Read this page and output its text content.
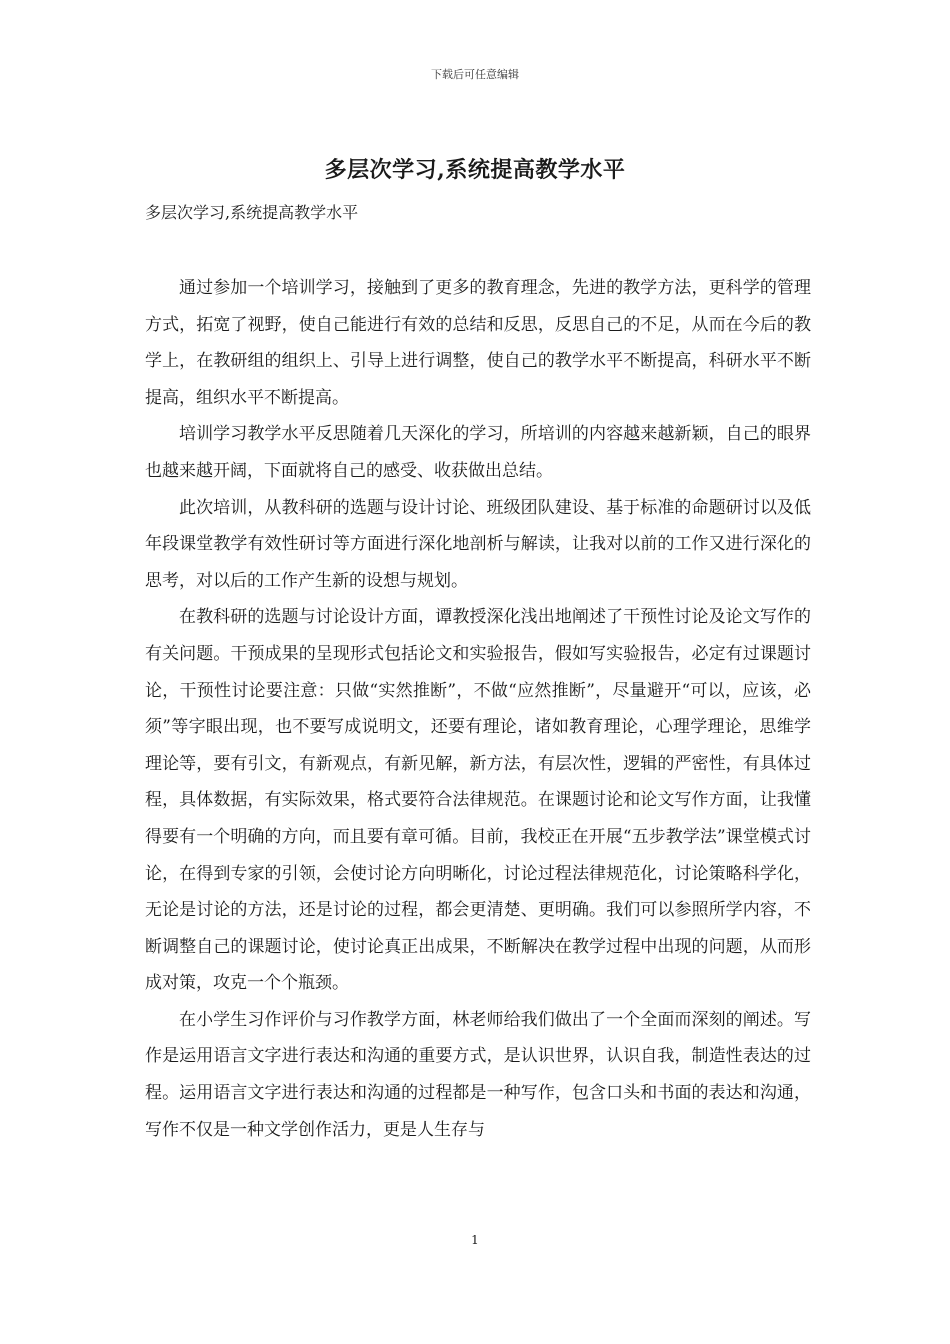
下载后可任意编辑
多层次学习,系统提高教学水平
多层次学习,系统提高教学水平

通过参加一个培训学习，接触到了更多的教育理念，先进的教学方法，更科学的管理方式，拓宽了视野，使自己能进行有效的总结和反思，反思自己的不足，从而在今后的教学上，在教研组的组织上、引导上进行调整，使自己的教学水平不断提高，科研水平不断提高，组织水平不断提高。

培训学习教学水平反思随着几天深化的学习，所培训的内容越来越新颖，自己的眼界也越来越开阔，下面就将自己的感受、收获做出总结。

此次培训，从教科研的选题与设计讨论、班级团队建设、基于标准的命题研讨以及低年段课堂教学有效性研讨等方面进行深化地剖析与解读，让我对以前的工作又进行深化的思考，对以后的工作产生新的设想与规划。

在教科研的选题与讨论设计方面，谭教授深化浅出地阐述了干预性讨论及论文写作的有关问题。干预成果的呈现形式包括论文和实验报告，假如写实验报告，必定有过课题讨论，干预性讨论要注意：只做“实然推断”，不做“应然推断”，尽量避开“可以，应该，必须”等字眼出现，也不要写成说明文，还要有理论，诸如教育理论，心理学理论，思维学理论等，要有引文，有新观点，有新见解，新方法，有层次性，逻辑的严密性，有具体过程，具体数据，有实际效果，格式要符合法律规范。在课题讨论和论文写作方面，让我懂得要有一个明确的方向，而且要有章可循。目前，我校正在开展“五步教学法”课堂模式讨论，在得到专家的引领，会使讨论方向明晰化，讨论过程法律规范化，讨论策略科学化，无论是讨论的方法，还是讨论的过程，都会更清楚、更明确。我们可以参照所学内容，不断调整自己的课题讨论，使讨论真正出成果，不断解决在教学过程中出现的问题，从而形成对策，攻克一个个瓶颈。

在小学生习作评价与习作教学方面，林老师给我们做出了一个全面而深刻的阐述。写作是运用语言文字进行表达和沟通的重要方式，是认识世界，认识自我，制造性表达的过程。运用语言文字进行表达和沟通的过程都是一种写作，包含口头和书面的表达和沟通，写作不仅是一种文学创作活力，更是人生存与

1
